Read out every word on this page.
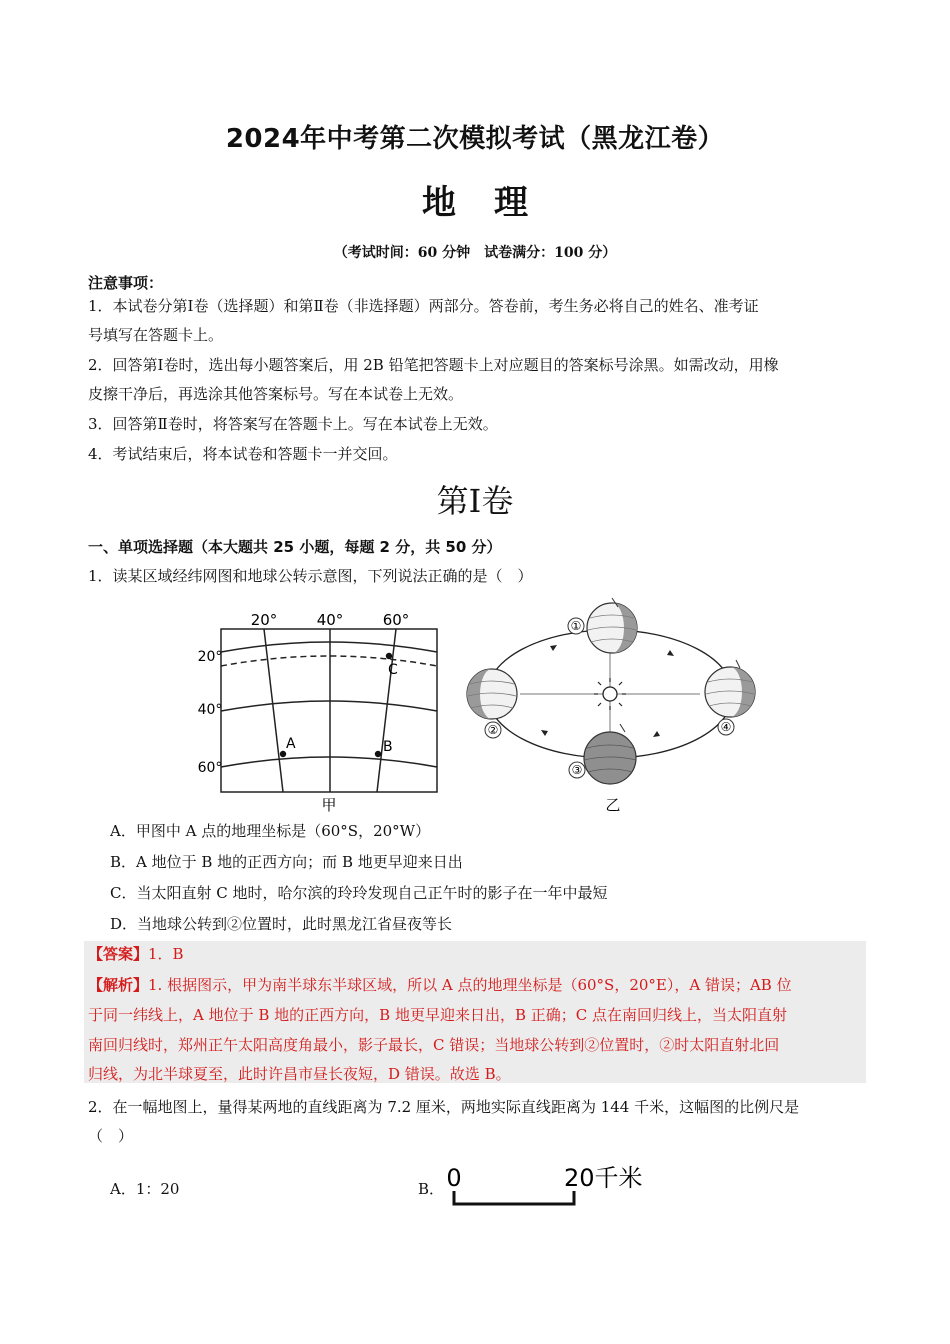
2024年中考第二次模拟考试（黑龙江卷）
地理
（考试时间：60 分钟　试卷满分：100 分）
注意事项：
1．本试卷分第Ⅰ卷（选择题）和第Ⅱ卷（非选择题）两部分。答卷前，考生务必将自己的姓名、准考证
号填写在答题卡上。
2．回答第Ⅰ卷时，选出每小题答案后，用 2B 铅笔把答题卡上对应题目的答案标号涂黑。如需改动，用橡
皮擦干净后，再选涂其他答案标号。写在本试卷上无效。
3．回答第Ⅱ卷时，将答案写在答题卡上。写在本试卷上无效。
4．考试结束后，将本试卷和答题卡一并交回。
第Ⅰ卷
一、单项选择题（本大题共 25 小题，每题 2 分，共 50 分）
1．读某区域经纬网图和地球公转示意图，下列说法正确的是（　）
20°	40°	60°
20°
40°
60°
A	B
C
甲
①
②
③
④
乙
A．甲图中 A 点的地理坐标是（60°S，20°W）
B．A 地位于 B 地的正西方向；而 B 地更早迎来日出
C．当太阳直射 C 地时，哈尔滨的玲玲发现自己正午时的影子在一年中最短
D．当地球公转到②位置时，此时黑龙江省昼夜等长
【答案】1．B
【解析】1. 根据图示，甲为南半球东半球区域，所以 A 点的地理坐标是（60°S，20°E），A 错误；AB 位
于同一纬线上，A 地位于 B 地的正西方向，B 地更早迎来日出，B 正确；C 点在南回归线上，当太阳直射
南回归线时，郑州正午太阳高度角最小，影子最长，C 错误；当地球公转到②位置时，②时太阳直射北回
归线，为北半球夏至，此时许昌市昼长夜短，D 错误。故选 B。
2．在一幅地图上，量得某两地的直线距离为 7.2 厘米，两地实际直线距离为 144 千米，这幅图的比例尺是
（　）
A．1：20	B． 0	20千米
